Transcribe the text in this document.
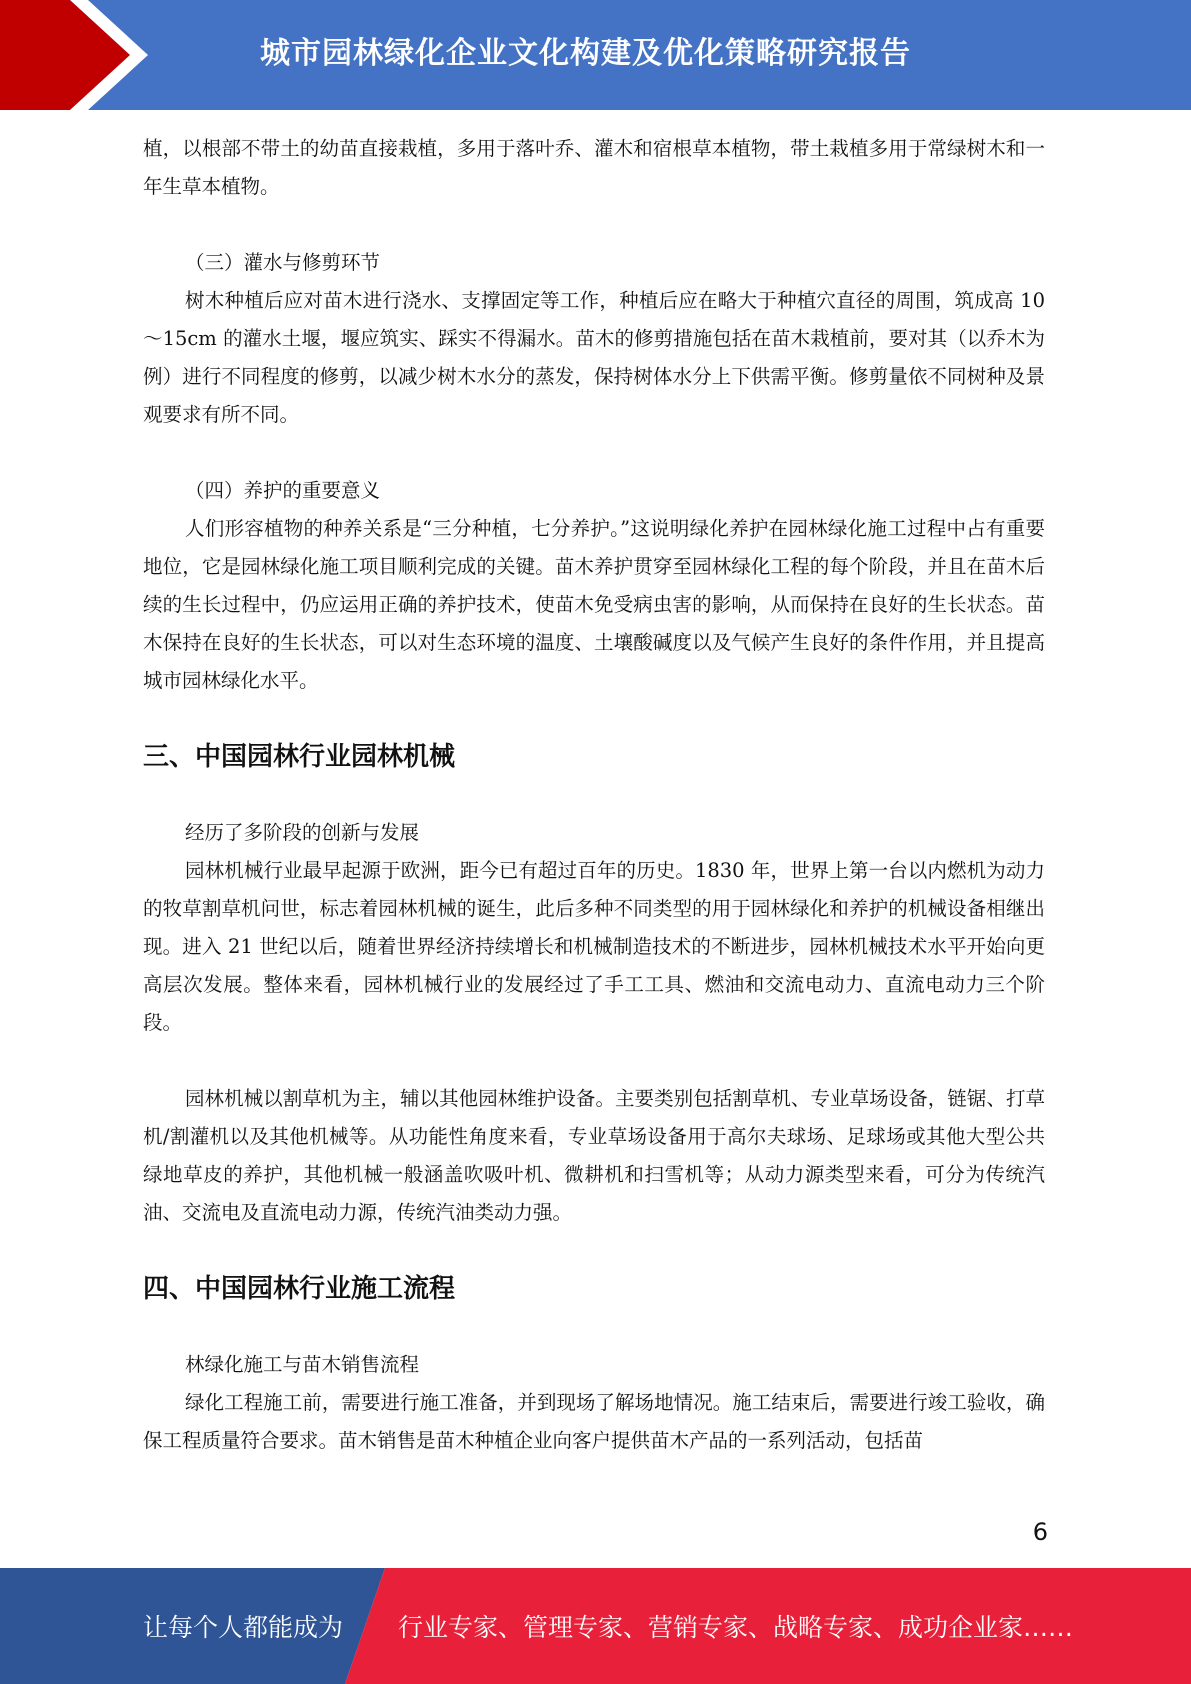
城市园林绿化企业文化构建及优化策略研究报告

植，以根部不带土的幼苗直接栽植，多用于落叶乔、灌木和宿根草本植物，带土栽植多用于常绿树木和一年生草本植物。

（三）灌水与修剪环节

树木种植后应对苗木进行浇水、支撑固定等工作，种植后应在略大于种植穴直径的周围，筑成高 10～15cm 的灌水土堰，堰应筑实、踩实不得漏水。苗木的修剪措施包括在苗木栽植前，要对其（以乔木为例）进行不同程度的修剪，以减少树木水分的蒸发，保持树体水分上下供需平衡。修剪量依不同树种及景观要求有所不同。

（四）养护的重要意义

人们形容植物的种养关系是“三分种植，七分养护。”这说明绿化养护在园林绿化施工过程中占有重要地位，它是园林绿化施工项目顺利完成的关键。苗木养护贯穿至园林绿化工程的每个阶段，并且在苗木后续的生长过程中，仍应运用正确的养护技术，使苗木免受病虫害的影响，从而保持在良好的生长状态。苗木保持在良好的生长状态，可以对生态环境的温度、土壤酸碱度以及气候产生良好的条件作用，并且提高城市园林绿化水平。

三、中国园林行业园林机械

经历了多阶段的创新与发展

园林机械行业最早起源于欧洲，距今已有超过百年的历史。1830 年，世界上第一台以内燃机为动力的牧草割草机问世，标志着园林机械的诞生，此后多种不同类型的用于园林绿化和养护的机械设备相继出现。进入 21 世纪以后，随着世界经济持续增长和机械制造技术的不断进步，园林机械技术水平开始向更高层次发展。整体来看，园林机械行业的发展经过了手工工具、燃油和交流电动力、直流电动力三个阶段。

园林机械以割草机为主，辅以其他园林维护设备。主要类别包括割草机、专业草场设备，链锯、打草机/割灌机以及其他机械等。从功能性角度来看，专业草场设备用于高尔夫球场、足球场或其他大型公共绿地草皮的养护，其他机械一般涵盖吹吸叶机、微耕机和扫雪机等；从动力源类型来看，可分为传统汽油、交流电及直流电动力源，传统汽油类动力强。

四、中国园林行业施工流程

林绿化施工与苗木销售流程

绿化工程施工前，需要进行施工准备，并到现场了解场地情况。施工结束后，需要进行竣工验收，确保工程质量符合要求。苗木销售是苗木种植企业向客户提供苗木产品的一系列活动，包括苗

6
让每个人都能成为 行业专家、管理专家、营销专家、战略专家、成功企业家……
